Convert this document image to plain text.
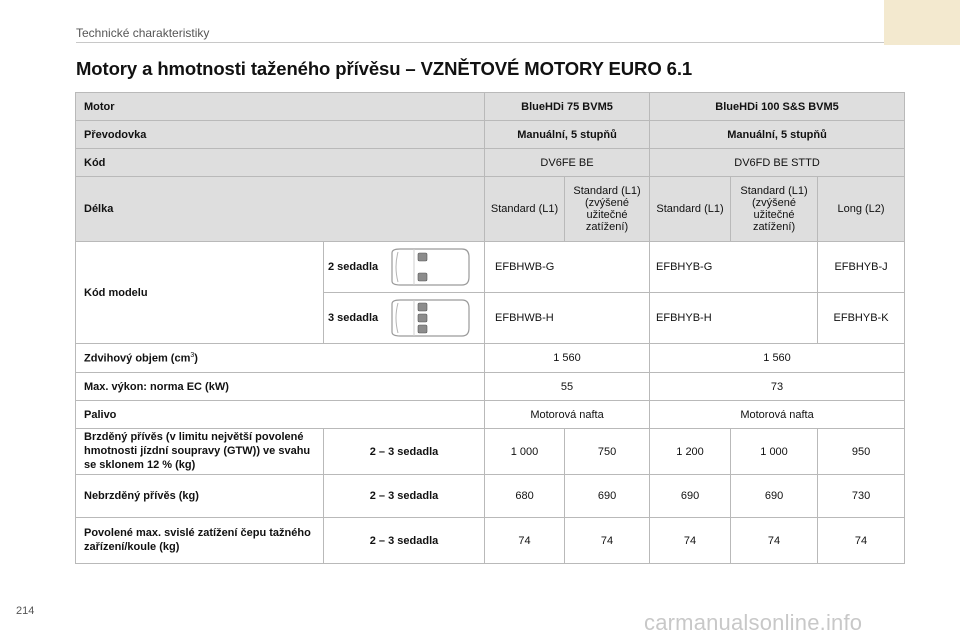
Technické charakteristiky
Motory a hmotnosti taženého přívěsu – VZNĚTOVÉ MOTORY EURO 6.1
Motor		BlueHDi 75 BVM5		BlueHDi 100 S&S BVM5		
Převodovka		Manuální, 5 stupňů		Manuální, 5 stupňů		
Kód		DV6FE BE		DV6FD BE STTD		
Délka		Standard (L1)	Standard (L1) (zvýšené užitečné zatížení)	Standard (L1)	Standard (L1) (zvýšené užitečné zatížení)	Long (L2)
Kód modelu	2 sedadla	EFBHWB-G		EFBHYB-G		EFBHYB-J

	3 sedadla	EFBHWB-H		EFBHYB-H		EFBHYB-K
Zdvihový objem $(cm^3)$		1 560		1 560		
Max. výkon: norma EC (kW)		55		73		
Palivo		Motorová nafta		Motorová nafta		
Brzděný přívěs (v limitu největší povolené hmotnosti jízdní soupravy (GTW)) ve svahu se sklonem 12 % (kg)	2 – 3 sedadla	1 000	750	1 200	1 000	950
Nebrzděný přívěs (kg)	2 – 3 sedadla	680	690	690	690	730
Povolené max. svislé zatížení čepu tažného zařízení/koule (kg)	2 – 3 sedadla	74	74	74	74	74
214	carmanualsonline.info
